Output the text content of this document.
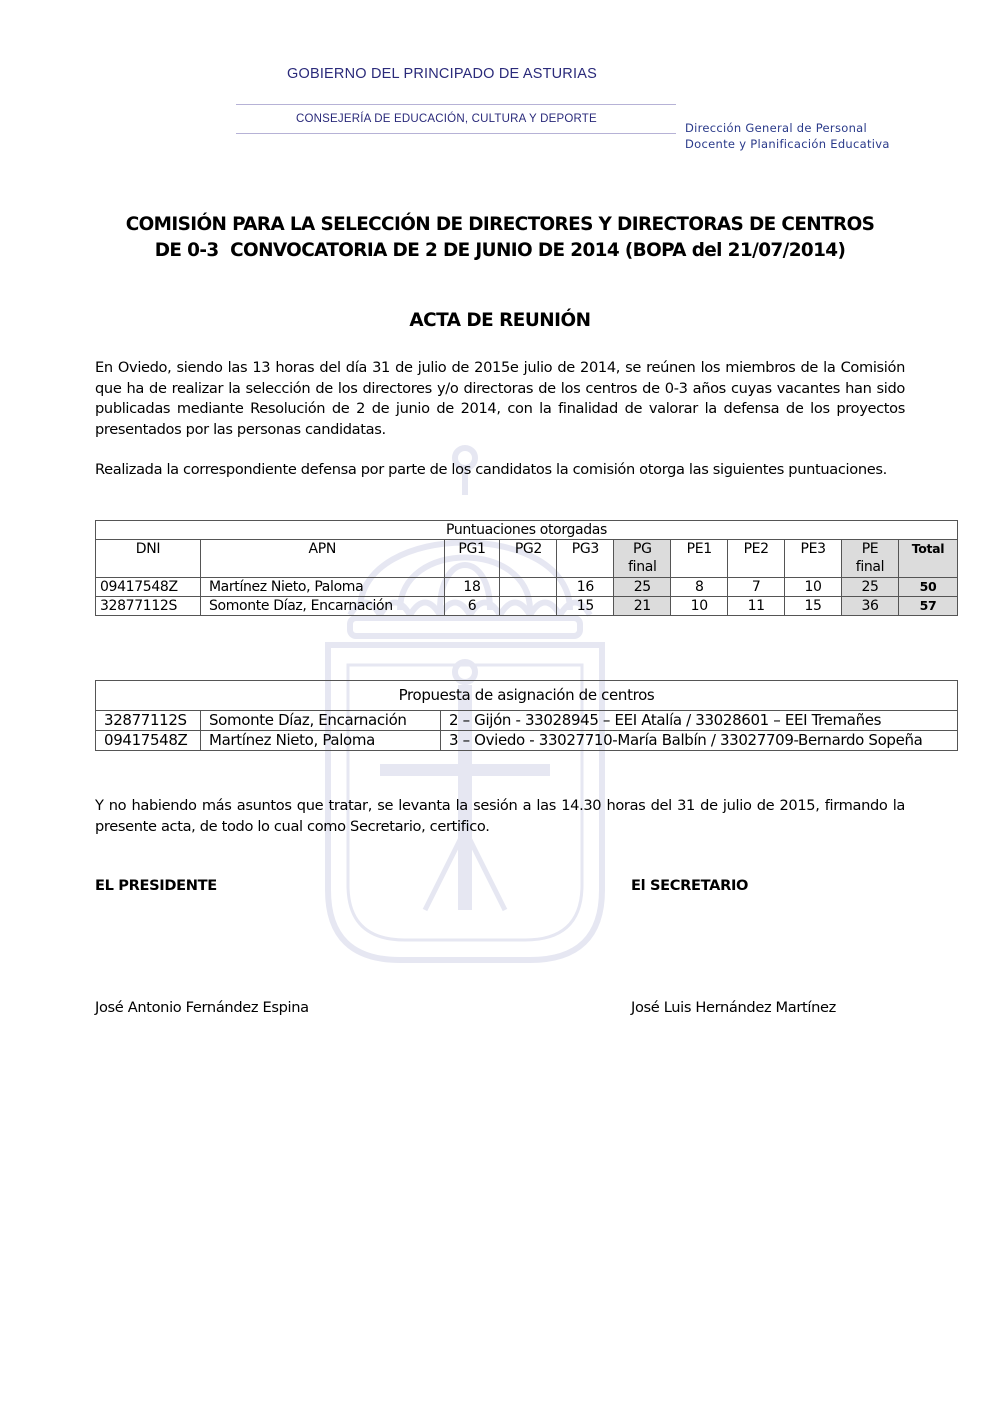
GOBIERNO DEL PRINCIPADO DE ASTURIAS
CONSEJERÍA DE EDUCACIÓN, CULTURA Y DEPORTE
Dirección General de Personal
Docente y Planificación Educativa
COMISIÓN PARA LA SELECCIÓN DE DIRECTORES Y DIRECTORAS DE CENTROS
DE 0-3  CONVOCATORIA DE 2 DE JUNIO DE 2014 (BOPA del 21/07/2014)
ACTA DE REUNIÓN
En Oviedo, siendo las 13 horas del día 31 de julio de 2015e julio de 2014, se reúnen los miembros de la Comisión que ha de realizar la selección de los directores y/o directoras de los centros de 0-3 años cuyas vacantes han sido publicadas mediante Resolución de 2 de junio de 2014, con la finalidad de valorar la defensa de los proyectos presentados por las personas candidatas.
Realizada la correspondiente defensa por parte de los candidatos la comisión otorga las siguientes puntuaciones.
Puntuaciones otorgadas										
DNI	APN	PG1	PG2	PG3	PG final	PE1	PE2	PE3	PE final	Total
09417548Z	Martínez Nieto, Paloma	18		16	25	8	7	10	25	50
32877112S	Somonte Díaz, Encarnación	6		15	21	10	11	15	36	57
Propuesta de asignación de centros		
32877112S	Somonte Díaz, Encarnación	2 – Gijón - 33028945 – EEI Atalía / 33028601 – EEI Tremañes
09417548Z	Martínez Nieto, Paloma	3 – Oviedo - 33027710-María Balbín / 33027709-Bernardo Sopeña
Y no habiendo más asuntos que tratar, se levanta la sesión a las 14.30 horas del 31 de julio de 2015, firmando la presente acta, de todo lo cual como Secretario, certifico.
EL PRESIDENTE	El SECRETARIO
José Antonio Fernández Espina	José Luis Hernández Martínez
